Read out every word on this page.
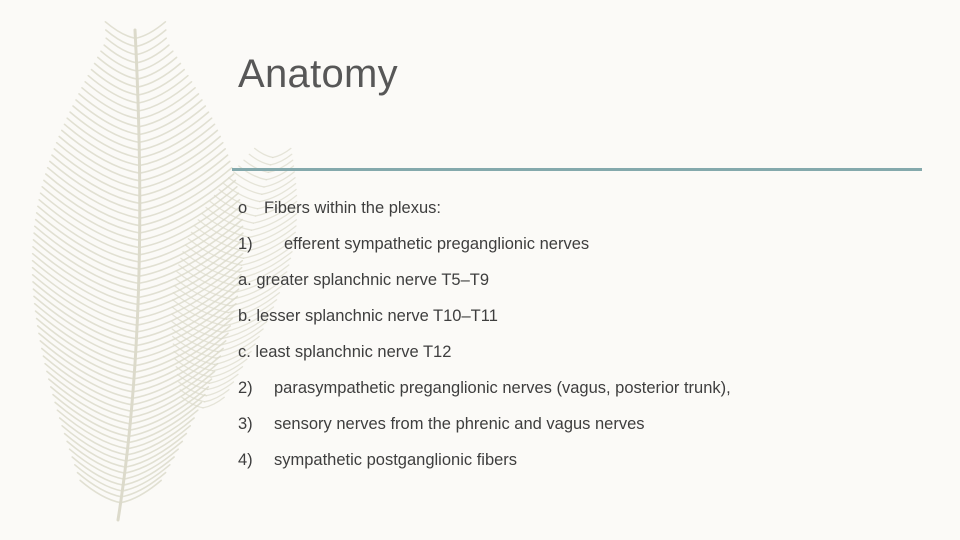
Anatomy
o Fibers within the plexus:
1) efferent sympathetic preganglionic nerves
a. greater splanchnic nerve T5–T9
b. lesser splanchnic nerve T10–T11
c. least splanchnic nerve T12
2) parasympathetic preganglionic nerves (vagus, posterior trunk),
3) sensory nerves from the phrenic and vagus nerves
4) sympathetic postganglionic fibers
